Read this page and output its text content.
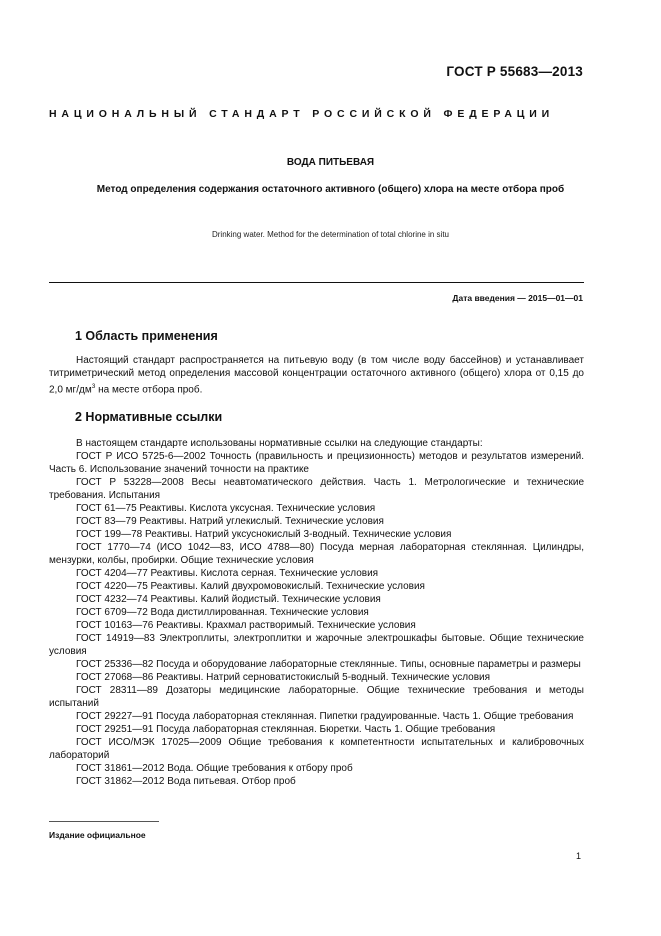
ГОСТ Р 55683—2013
НАЦИОНАЛЬНЫЙ СТАНДАРТ РОССИЙСКОЙ ФЕДЕРАЦИИ
ВОДА ПИТЬЕВАЯ
Метод определения содержания остаточного активного (общего) хлора на месте отбора проб
Drinking water. Method for the determination of total chlorine in situ
Дата введения — 2015—01—01
1 Область применения
Настоящий стандарт распространяется на питьевую воду (в том числе воду бассейнов) и устанавливает титриметрический метод определения массовой концентрации остаточного активного (общего) хлора от 0,15 до 2,0 $мг/дм^3$ на месте отбора проб.
2 Нормативные ссылки

В настоящем стандарте использованы нормативные ссылки на следующие стандарты:

ГОСТ Р ИСО 5725-6—2002 Точность (правильность и прецизионность) методов и результатов измерений. Часть 6. Использование значений точности на практике

ГОСТ Р 53228—2008 Весы неавтоматического действия. Часть 1. Метрологические и технические требования. Испытания

ГОСТ 61—75 Реактивы. Кислота уксусная. Технические условия

ГОСТ 83—79 Реактивы. Натрий углекислый. Технические условия

ГОСТ 199—78 Реактивы. Натрий уксуснокислый 3-водный. Технические условия

ГОСТ 1770—74 (ИСО 1042—83, ИСО 4788—80) Посуда мерная лабораторная стеклянная. Цилиндры, мензурки, колбы, пробирки. Общие технические условия

ГОСТ 4204—77 Реактивы. Кислота серная. Технические условия

ГОСТ 4220—75 Реактивы. Калий двухромовокислый. Технические условия

ГОСТ 4232—74 Реактивы. Калий йодистый. Технические условия

ГОСТ 6709—72 Вода дистиллированная. Технические условия

ГОСТ 10163—76 Реактивы. Крахмал растворимый. Технические условия

ГОСТ 14919—83 Электроплиты, электроплитки и жарочные электрошкафы бытовые. Общие технические условия

ГОСТ 25336—82 Посуда и оборудование лабораторные стеклянные. Типы, основные параметры и размеры

ГОСТ 27068—86 Реактивы. Натрий серноватистокислый 5-водный. Технические условия

ГОСТ 28311—89 Дозаторы медицинские лабораторные. Общие технические требования и методы испытаний

ГОСТ 29227—91 Посуда лабораторная стеклянная. Пипетки градуированные. Часть 1. Общие требования

ГОСТ 29251—91 Посуда лабораторная стеклянная. Бюретки. Часть 1. Общие требования

ГОСТ ИСО/МЭК 17025—2009 Общие требования к компетентности испытательных и калибровочных лабораторий

ГОСТ 31861—2012 Вода. Общие требования к отбору проб

ГОСТ 31862—2012 Вода питьевая. Отбор проб

Издание официальное
1
